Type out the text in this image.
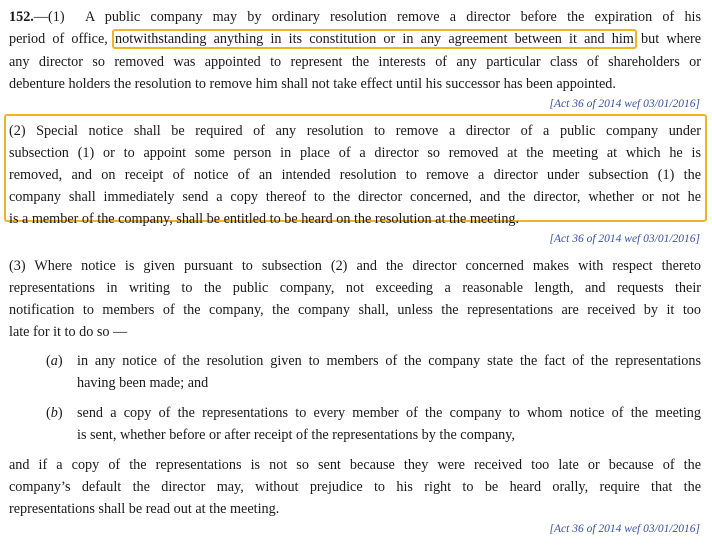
152.—(1) A public company may by ordinary resolution remove a director before the expiration of his
period of office, notwithstanding anything in its constitution or in any agreement between it and him but where
any director so removed was appointed to represent the interests of any particular class of shareholders or
debenture holders the resolution to remove him shall not take effect until his successor has been appointed.
[Act 36 of 2014 wef 03/01/2016]
(2) Special notice shall be required of any resolution to remove a director of a public company under
subsection (1) or to appoint some person in place of a director so removed at the meeting at which he is
removed, and on receipt of notice of an intended resolution to remove a director under subsection (1) the
company shall immediately send a copy thereof to the director concerned, and the director, whether or not he
is a member of the company, shall be entitled to be heard on the resolution at the meeting.
[Act 36 of 2014 wef 03/01/2016]
(3) Where notice is given pursuant to subsection (2) and the director concerned makes with respect thereto
representations in writing to the public company, not exceeding a reasonable length, and requests their
notification to members of the company, the company shall, unless the representations are received by it too
late for it to do so —
(a) in any notice of the resolution given to members of the company state the fact of the representations
having been made; and
(b) send a copy of the representations to every member of the company to whom notice of the meeting
is sent, whether before or after receipt of the representations by the company,
and if a copy of the representations is not so sent because they were received too late or because of the
company’s default the director may, without prejudice to his right to be heard orally, require that the
representations shall be read out at the meeting.
[Act 36 of 2014 wef 03/01/2016]
